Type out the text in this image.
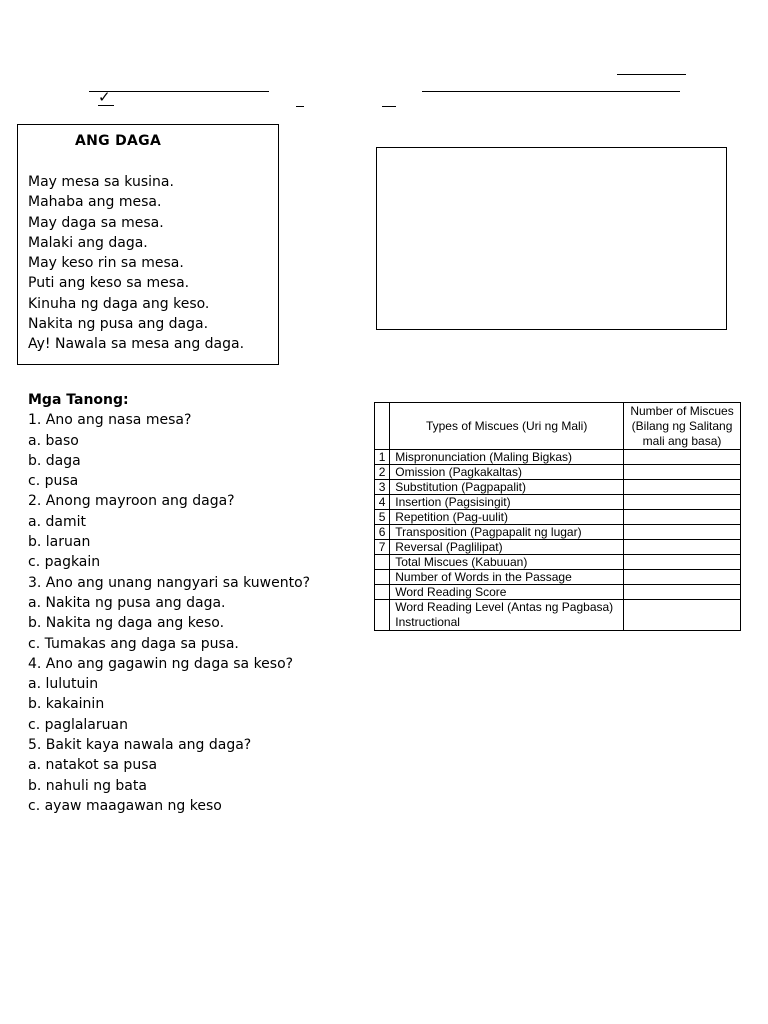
✓
ANG DAGA
May mesa sa kusina.
Mahaba ang mesa.
May daga sa mesa.
Malaki ang daga.
May keso rin sa mesa.
Puti ang keso sa mesa.
Kinuha ng daga ang keso.
Nakita ng pusa ang daga.
Ay! Nawala sa mesa ang daga.
Mga Tanong:
1. Ano ang nasa mesa?
a. baso
b. daga
c. pusa
2. Anong mayroon ang daga?
a. damit
b. laruan
c. pagkain
3. Ano ang unang nangyari sa kuwento?
a. Nakita ng pusa ang daga.
b. Nakita ng daga ang keso.
c. Tumakas ang daga sa pusa.
4. Ano ang gagawin ng daga sa keso?
a. lulutuin
b. kakainin
c. paglalaruan
5. Bakit kaya nawala ang daga?
a. natakot sa pusa
b. nahuli ng bata
c. ayaw maagawan ng keso
	Types of Miscues (Uri ng Mali)	Number of Miscues
(Bilang ng Salitang
mali ang basa)
1	Mispronunciation (Maling Bigkas)	
2	Omission (Pagkakaltas)	
3	Substitution (Pagpapalit)	
4	Insertion (Pagsisingit)	
5	Repetition (Pag-uulit)	
6	Transposition (Pagpapalit ng lugar)	
7	Reversal (Paglilipat)	
	Total Miscues (Kabuuan)	
	Number of Words in the Passage	
	Word Reading Score	
	Word Reading Level (Antas ng Pagbasa)
Instructional	
